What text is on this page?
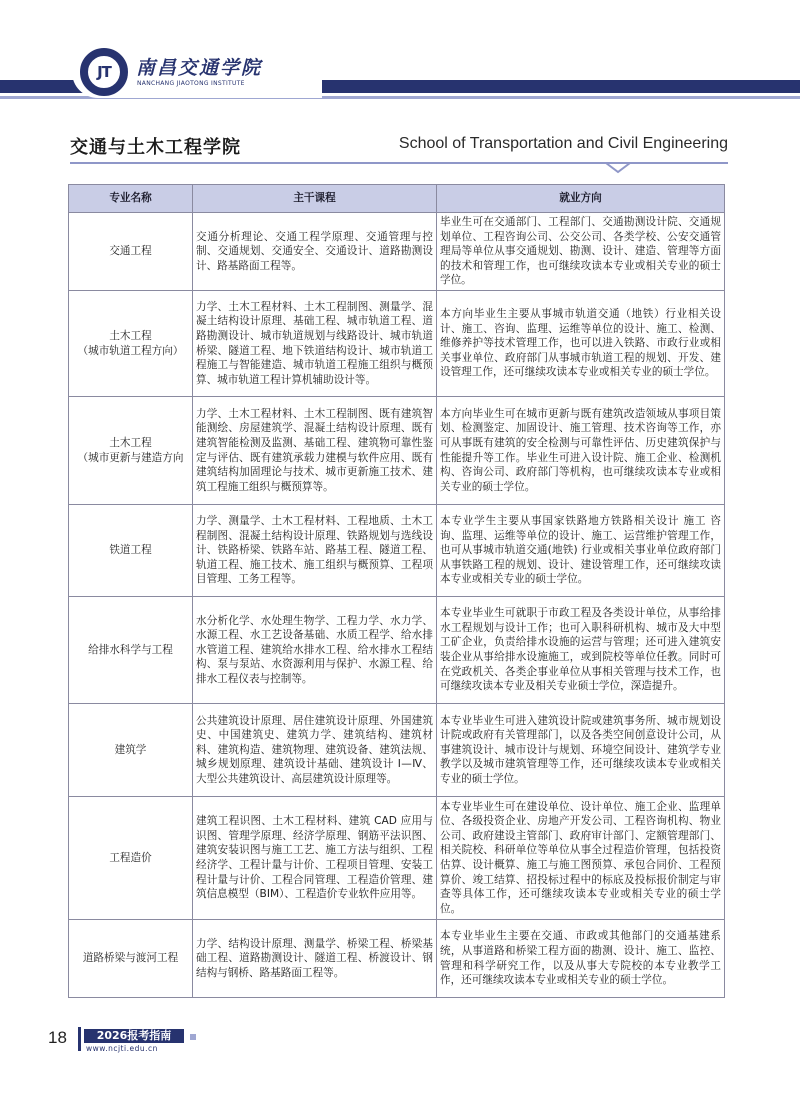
JT	南昌交通学院
NANCHANG JIAOTONG INSTITUTE
交通与土木工程学院	School of Transportation and Civil Engineering
专业名称	主干课程	就业方向
交通工程	交通分析理论、交通工程学原理、交通管理与控制、交通规划、交通安全、交通设计、道路勘测设计、路基路面工程等。	毕业生可在交通部门、工程部门、交通勘测设计院、交通规划单位、工程咨询公司、公交公司、各类学校、公安交通管理局等单位从事交通规划、勘测、设计、建造、管理等方面的技术和管理工作，也可继续攻读本专业或相关专业的硕士学位。
土木工程
（城市轨道工程方向）	力学、土木工程材料、土木工程制图、测量学、混凝土结构设计原理、基础工程、城市轨道工程、道路勘测设计、城市轨道规划与线路设计、城市轨道桥梁、隧道工程、地下铁道结构设计、城市轨道工程施工与智能建造、城市轨道工程施工组织与概预算、城市轨道工程计算机辅助设计等。	本方向毕业生主要从事城市轨道交通（地铁）行业相关设计、施工、咨询、监理、运维等单位的设计、施工、检测、维修养护等技术管理工作，也可以进入铁路、市政行业或相关事业单位、政府部门从事城市轨道工程的规划、开发、建设管理工作，还可继续攻读本专业或相关专业的硕士学位。
土木工程
（城市更新与建造方向	力学、土木工程材料、土木工程制图、既有建筑智能测绘、房屋建筑学、混凝土结构设计原理、既有建筑智能检测及监测、基础工程、建筑物可靠性鉴定与评估、既有建筑承载力建模与软件应用、既有建筑结构加固理论与技术、城市更新施工技术、建筑工程施工组织与概预算等。	本方向毕业生可在城市更新与既有建筑改造领域从事项目策划、检测鉴定、加固设计、施工管理、技术咨询等工作，亦可从事既有建筑的安全检测与可靠性评估、历史建筑保护与性能提升等工作。毕业生可进入设计院、施工企业、检测机构、咨询公司、政府部门等机构，也可继续攻读本专业或相关专业的硕士学位。
铁道工程	力学、测量学、土木工程材料、工程地质、土木工程制图、混凝土结构设计原理、铁路规划与选线设计、铁路桥梁、铁路车站、路基工程、隧道工程、轨道工程、施工技术、施工组织与概预算、工程项目管理、工务工程等。	本专业学生主要从事国家铁路地方铁路相关设计 施工 咨询、监理、运维等单位的设计、施工、运营维护管理工作，也可从事城市轨道交通(地铁) 行业或相关事业单位政府部门从事铁路工程的规划、设计、建设管理工作，还可继续攻读本专业或相关专业的硕士学位。
给排水科学与工程	水分析化学、水处理生物学、工程力学、水力学、水源工程、水工艺设备基础、水质工程学、给水排水管道工程、建筑给水排水工程、给水排水工程结构、泵与泵站、水资源利用与保护、水源工程、给排水工程仪表与控制等。	本专业毕业生可就职于市政工程及各类设计单位，从事给排水工程规划与设计工作；也可入职科研机构、城市及大中型工矿企业，负责给排水设施的运营与管理；还可进入建筑安装企业从事给排水设施施工，或到院校等单位任教。同时可在党政机关、各类企事业单位从事相关管理与技术工作，也可继续攻读本专业及相关专业硕士学位，深造提升。
建筑学	公共建筑设计原理、居住建筑设计原理、外国建筑史、中国建筑史、建筑力学、建筑结构、建筑材料、建筑构造、建筑物理、建筑设备、建筑法规、城乡规划原理、建筑设计基础、建筑设计 Ⅰ—Ⅳ、大型公共建筑设计、高层建筑设计原理等。	本专业毕业生可进入建筑设计院或建筑事务所、城市规划设计院或政府有关管理部门，以及各类空间创意设计公司，从事建筑设计、城市设计与规划、环境空间设计、建筑学专业教学以及城市建筑管理等工作，还可继续攻读本专业或相关专业的硕士学位。
工程造价	建筑工程识图、土木工程材料、建筑 CAD 应用与识图、管理学原理、经济学原理、钢筋平法识图、建筑安装识图与施工工艺、施工方法与组织、工程经济学、工程计量与计价、工程项目管理、安装工程计量与计价、工程合同管理、工程造价管理、建筑信息模型（BIM）、工程造价专业软件应用等。	本专业毕业生可在建设单位、设计单位、施工企业、监理单位、各级投资企业、房地产开发公司、工程咨询机构、物业公司、政府建设主管部门、政府审计部门、定额管理部门、相关院校、科研单位等单位从事全过程造价管理，包括投资估算、设计概算、施工与施工图预算、承包合同价、工程预算价、竣工结算、招投标过程中的标底及投标报价制定与审查等具体工作，还可继续攻读本专业或相关专业的硕士学位。
道路桥梁与渡河工程	力学、结构设计原理、测量学、桥梁工程、桥梁基础工程、道路勘测设计、隧道工程、桥渡设计、钢结构与钢桥、路基路面工程等。	本专业毕业生主要在交通、市政或其他部门的交通基建系统，从事道路和桥梁工程方面的勘测、设计、施工、监控、管理和科学研究工作，以及从事大专院校的本专业教学工作，还可继续攻读本专业或相关专业的硕士学位。
18	2026报考指南
www.ncjti.edu.cn
